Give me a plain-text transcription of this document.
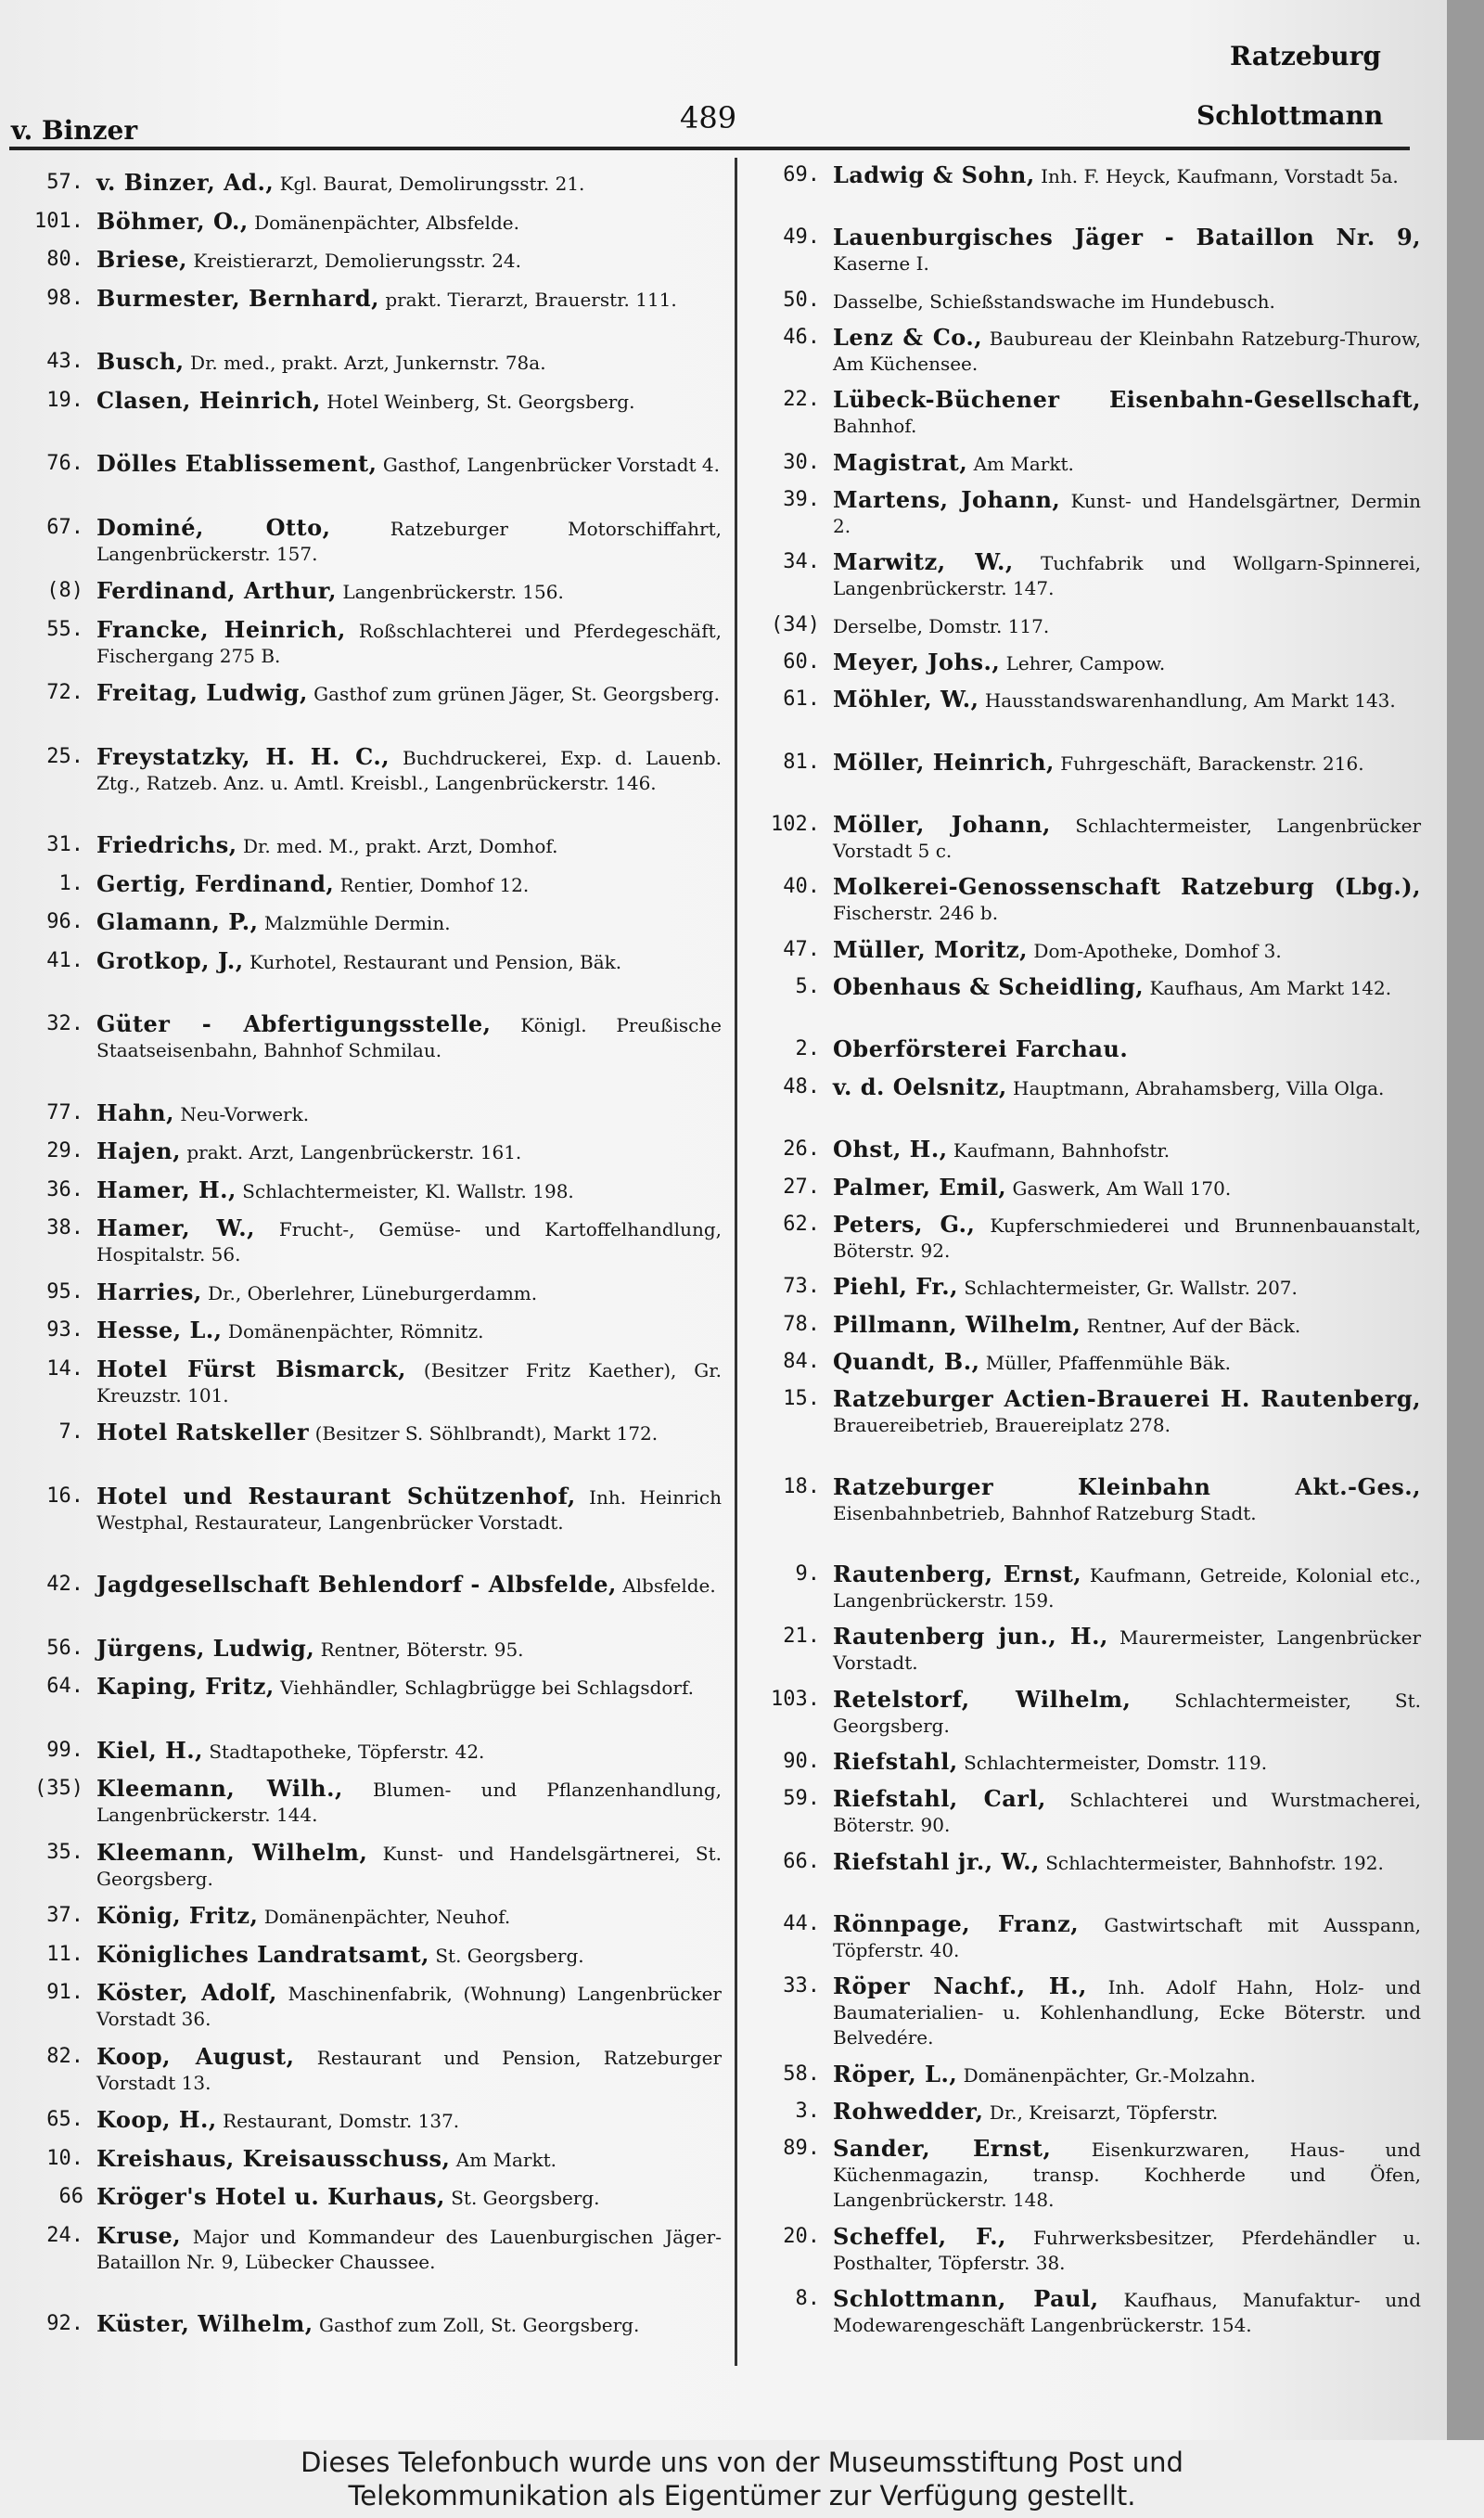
v. Binzer	489
Ratzeburg
Schlottmann
57. v. Binzer, Ad., Kgl. Baurat, Demolirungsstr. 21.
101. Böhmer, O., Domänenpächter, Albsfelde.
80. Briese, Kreistierarzt, Demolierungsstr. 24.
98. Burmester, Bernhard, prakt. Tierarzt, Brauerstr. 111.
43. Busch, Dr. med., prakt. Arzt, Junkernstr. 78a.
19. Clasen, Heinrich, Hotel Weinberg, St. Georgsberg.
76. Dölles Etablissement, Gasthof, Langenbrücker Vorstadt 4.
67. Dominé, Otto,	Ratzeburger Motorschiffahrt, Langenbrückerstr. 157.
(8) Ferdinand, Arthur, Langenbrückerstr. 156.
55. Francke, Heinrich, Roßschlachterei und Pferdegeschäft, Fischergang 275 B.
72. Freitag, Ludwig, Gasthof zum grünen Jäger, St. Georgsberg.
25. Freystatzky, H. H. C., Buchdruckerei, Exp. d. Lauenb. Ztg., Ratzeb. Anz. u. Amtl. Kreisbl., Langenbrückerstr. 146.
31. Friedrichs, Dr. med. M., prakt. Arzt, Domhof.
1. Gertig, Ferdinand, Rentier, Domhof 12.
96. Glamann, P., Malzmühle Dermin.
41. Grotkop, J., Kurhotel, Restaurant und Pension, Bäk.
32. Güter - Abfertigungsstelle, Königl. Preußische Staatseisenbahn, Bahnhof Schmilau.
77. Hahn, Neu-Vorwerk.
29. Hajen, prakt. Arzt, Langenbrückerstr. 161.
36. Hamer, H., Schlachtermeister, Kl. Wallstr. 198.
38. Hamer, W., Frucht-, Gemüse- und Kartoffelhandlung, Hospitalstr. 56.
95. Harries, Dr., Oberlehrer, Lüneburgerdamm.
93. Hesse, L., Domänenpächter, Römnitz.
14. Hotel Fürst Bismarck, (Besitzer Fritz Kaether), Gr. Kreuzstr. 101.
7. Hotel Ratskeller (Besitzer S. Söhlbrandt), Markt 172.
16. Hotel und Restaurant Schützenhof, Inh. Heinrich Westphal, Restaurateur, Langenbrücker Vorstadt.
42. Jagdgesellschaft Behlendorf - Albsfelde, Albsfelde.
56. Jürgens, Ludwig, Rentner, Böterstr. 95.
64. Kaping, Fritz, Viehhändler, Schlagbrügge bei Schlagsdorf.
99. Kiel, H., Stadtapotheke, Töpferstr. 42.
(35) Kleemann, Wilh., Blumen- und Pflanzenhandlung, Langenbrückerstr. 144.
35. Kleemann, Wilhelm, Kunst- und Handelsgärtnerei, St. Georgsberg.
37. König, Fritz, Domänenpächter, Neuhof.
11. Königliches Landratsamt, St. Georgsberg.
91. Köster, Adolf, Maschinenfabrik, (Wohnung) Langenbrücker Vorstadt 36.
82. Koop, August, Restaurant und Pension, Ratzeburger Vorstadt 13.
65. Koop, H., Restaurant, Domstr. 137.
10. Kreishaus, Kreisausschuss, Am Markt.
66 Kröger's Hotel u. Kurhaus, St. Georgsberg.
24. Kruse, Major und Kommandeur des Lauenburgischen Jäger-Bataillon Nr. 9, Lübecker Chaussee.
92. Küster, Wilhelm, Gasthof zum Zoll, St. Georgsberg.
69. Ladwig & Sohn, Inh. F. Heyck, Kaufmann, Vorstadt 5a.
49. Lauenburgisches Jäger - Bataillon Nr. 9, Kaserne I.
50. Dasselbe, Schießstandswache im Hundebusch.
46. Lenz & Co., Baubureau der Kleinbahn Ratzeburg-Thurow, Am Küchensee.
22. Lübeck-Büchener Eisenbahn-Gesellschaft, Bahnhof.
30. Magistrat, Am Markt.
39. Martens, Johann, Kunst- und Handelsgärtner, Dermin 2.
34. Marwitz, W., Tuchfabrik und Wollgarn-Spinnerei, Langenbrückerstr. 147.
(34) Derselbe, Domstr. 117.
60. Meyer, Johs., Lehrer, Campow.
61. Möhler, W., Hausstandswarenhandlung, Am Markt 143.
81. Möller, Heinrich, Fuhrgeschäft, Barackenstr. 216.
102. Möller, Johann, Schlachtermeister, Langenbrücker Vorstadt 5 c.
40. Molkerei-Genossenschaft Ratzeburg (Lbg.), Fischerstr. 246 b.
47. Müller, Moritz, Dom-Apotheke, Domhof 3.
5. Obenhaus & Scheidling, Kaufhaus, Am Markt 142.
2. Oberförsterei Farchau.
48. v. d. Oelsnitz, Hauptmann, Abrahamsberg, Villa Olga.
26. Ohst, H., Kaufmann, Bahnhofstr.
27. Palmer, Emil, Gaswerk, Am Wall 170.
62. Peters, G., Kupferschmiederei und Brunnenbauanstalt, Böterstr. 92.
73. Piehl, Fr., Schlachtermeister, Gr. Wallstr. 207.
78. Pillmann, Wilhelm, Rentner, Auf der Bäck.
84. Quandt, B., Müller, Pfaffenmühle Bäk.
15. Ratzeburger Actien-Brauerei H. Rautenberg, Brauereibetrieb, Brauereiplatz 278.
18. Ratzeburger Kleinbahn Akt.-Ges., Eisenbahnbetrieb, Bahnhof Ratzeburg Stadt.
9. Rautenberg, Ernst, Kaufmann, Getreide, Kolonial etc., Langenbrückerstr. 159.
21. Rautenberg jun., H., Maurermeister, Langenbrücker Vorstadt.
103. Retelstorf, Wilhelm, Schlachtermeister, St. Georgsberg.
90. Riefstahl, Schlachtermeister, Domstr. 119.
59. Riefstahl, Carl, Schlachterei und Wurstmacherei, Böterstr. 90.
66. Riefstahl jr., W., Schlachtermeister, Bahnhofstr. 192.
44. Rönnpage, Franz, Gastwirtschaft mit Ausspann, Töpferstr. 40.
33. Röper Nachf., H., Inh. Adolf Hahn, Holz- und Baumaterialien- u. Kohlenhandlung, Ecke Böterstr. und Belvedére.
58. Röper, L., Domänenpächter, Gr.-Molzahn.
3. Rohwedder, Dr., Kreisarzt, Töpferstr.
89. Sander, Ernst, Eisenkurzwaren, Haus- und Küchenmagazin, transp. Kochherde und Öfen, Langenbrückerstr. 148.
20. Scheffel, F., Fuhrwerksbesitzer, Pferdehändler u. Posthalter, Töpferstr. 38.
8. Schlottmann, Paul, Kaufhaus, Manufaktur- und Modewarengeschäft Langenbrückerstr. 154.
Dieses Telefonbuch wurde uns von der Museumsstiftung Post und
Telekommunikation als Eigentümer zur Verfügung gestellt.
